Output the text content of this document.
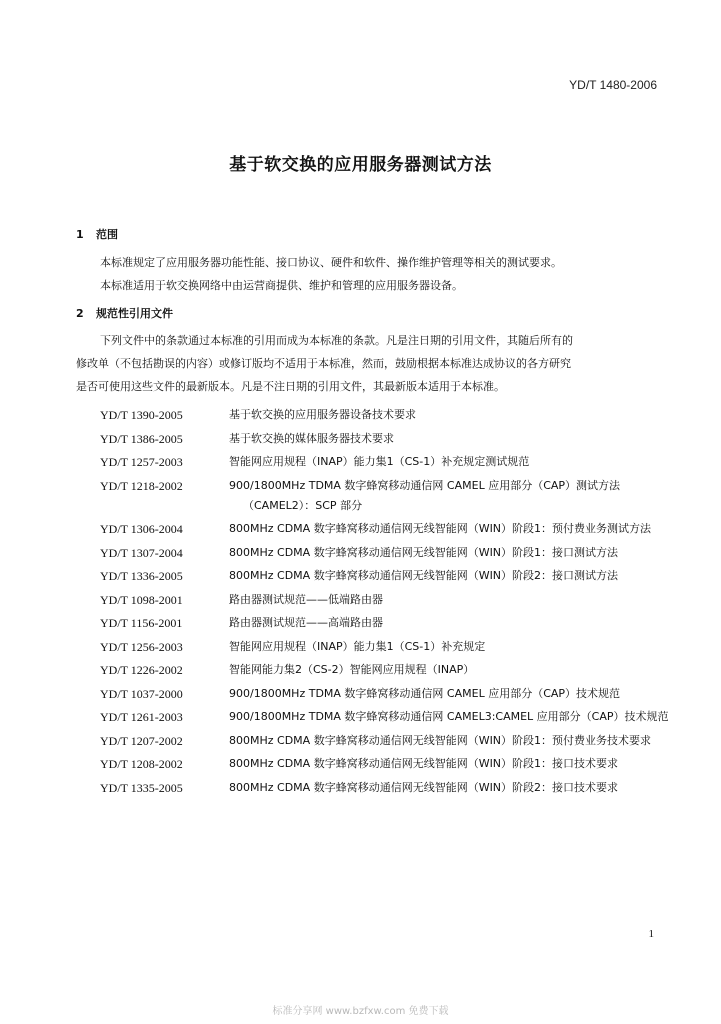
YD/T 1480-2006
基于软交换的应用服务器测试方法
1 范围
本标准规定了应用服务器功能性能、接口协议、硬件和软件、操作维护管理等相关的测试要求。
本标准适用于软交换网络中由运营商提供、维护和管理的应用服务器设备。
2 规范性引用文件
下列文件中的条款通过本标准的引用而成为本标准的条款。凡是注日期的引用文件，其随后所有的
修改单（不包括勘误的内容）或修订版均不适用于本标准，然而，鼓励根据本标准达成协议的各方研究
是否可使用这些文件的最新版本。凡是不注日期的引用文件，其最新版本适用于本标准。
YD/T 1390-2005	基于软交换的应用服务器设备技术要求
YD/T 1386-2005	基于软交换的媒体服务器技术要求
YD/T 1257-2003	智能网应用规程（INAP）能力集1（CS-1）补充规定测试规范
YD/T 1218-2002	900/1800MHz TDMA 数字蜂窝移动通信网 CAMEL 应用部分（CAP）测试方法（CAMEL2）：SCP 部分
YD/T 1306-2004	800MHz CDMA 数字蜂窝移动通信网无线智能网（WIN）阶段1：预付费业务测试方法
YD/T 1307-2004	800MHz CDMA 数字蜂窝移动通信网无线智能网（WIN）阶段1：接口测试方法
YD/T 1336-2005	800MHz CDMA 数字蜂窝移动通信网无线智能网（WIN）阶段2：接口测试方法
YD/T 1098-2001	路由器测试规范——低端路由器
YD/T 1156-2001	路由器测试规范——高端路由器
YD/T 1256-2003	智能网应用规程（INAP）能力集1（CS-1）补充规定
YD/T 1226-2002	智能网能力集2（CS-2）智能网应用规程（INAP）
YD/T 1037-2000	900/1800MHz TDMA 数字蜂窝移动通信网 CAMEL 应用部分（CAP）技术规范
YD/T 1261-2003	900/1800MHz TDMA 数字蜂窝移动通信网 CAMEL3:CAMEL 应用部分（CAP）技术规范
YD/T 1207-2002	800MHz CDMA 数字蜂窝移动通信网无线智能网（WIN）阶段1：预付费业务技术要求
YD/T 1208-2002	800MHz CDMA 数字蜂窝移动通信网无线智能网（WIN）阶段1：接口技术要求
YD/T 1335-2005	800MHz CDMA 数字蜂窝移动通信网无线智能网（WIN）阶段2：接口技术要求
1
标准分享网 www.bzfxw.com 免费下载
